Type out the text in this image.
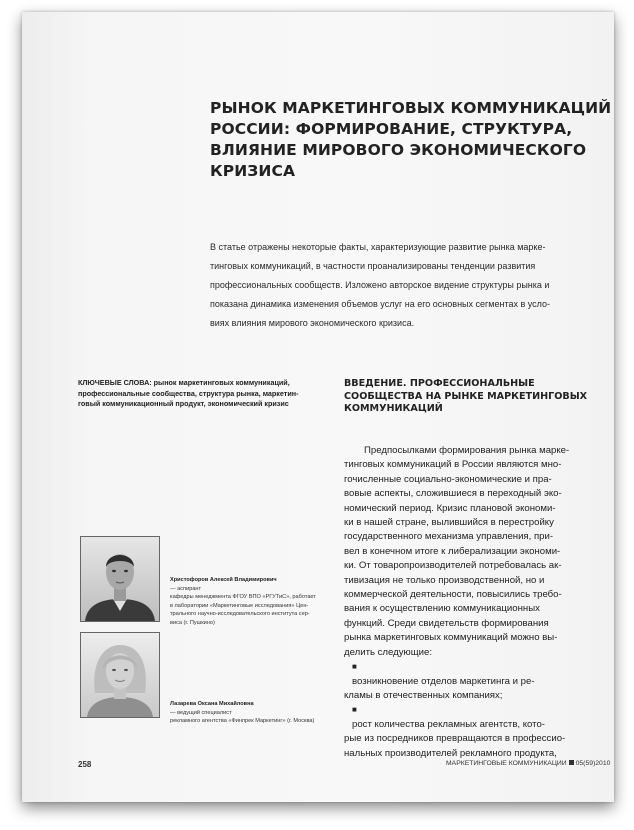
РЫНОК МАРКЕТИНГОВЫХ КОММУНИКАЦИЙ
РОССИИ: ФОРМИРОВАНИЕ, СТРУКТУРА,
ВЛИЯНИЕ МИРОВОГО ЭКОНОМИЧЕСКОГО
КРИЗИСА
В статье отражены некоторые факты, характеризующие развитие рынка марке-
тинговых коммуникаций, в частности проанализированы тенденции развития
профессиональных сообществ. Изложено авторское видение структуры рынка и
показана динамика изменения объемов услуг на его основных сегментах в усло-
виях влияния мирового экономического кризиса.
КЛЮЧЕВЫЕ СЛОВА: рынок маркетинговых коммуникаций,
профессиональные сообщества, структура рынка, маркетин-
говый коммуникационный продукт, экономический кризис
ВВЕДЕНИЕ. ПРОФЕССИОНАЛЬНЫЕ
СООБЩЕСТВА НА РЫНКЕ МАРКЕТИНГОВЫХ
КОММУНИКАЦИЙ
Предпосылками формирования рынка марке-
тинговых коммуникаций в России являются мно-
гочисленные социально-экономические и пра-
вовые аспекты, сложившиеся в переходный эко-
номический период. Кризис плановой экономи-
ки в нашей стране, вылившийся в перестройку
государственного механизма управления, при-
вел в конечном итоге к либерализации экономи-
ки. От товаропроизводителей потребовалась ак-
тивизация не только производственной, но и
коммерческой деятельности, повысились требо-
вания к осуществлению коммуникационных
функций. Среди свидетельств формирования
рынка маркетинговых коммуникаций можно вы-
делить следующие:
■
возникновение отделов маркетинга и ре-
кламы в отечественных компаниях;
■
рост количества рекламных агентств, кото-
рые из посредников превращаются в профессио-
нальных производителей рекламного продукта,
Христофоров Алексей Владимирович
— аспирант
кафедры менеджмента ФГОУ ВПО «РГУТиС», работает
в лаборатории «Маркетинговые исследования» Цен-
трального научно-исследовательского института сер-
виса (г. Пушкино)
Лазарева Оксана Михайловна
— ведущий специалист
рекламного агентства «Финпрек Маркетинг» (г. Москва)
258	МАРКЕТИНГОВЫЕ КОММУНИКАЦИИ 05(59)2010
